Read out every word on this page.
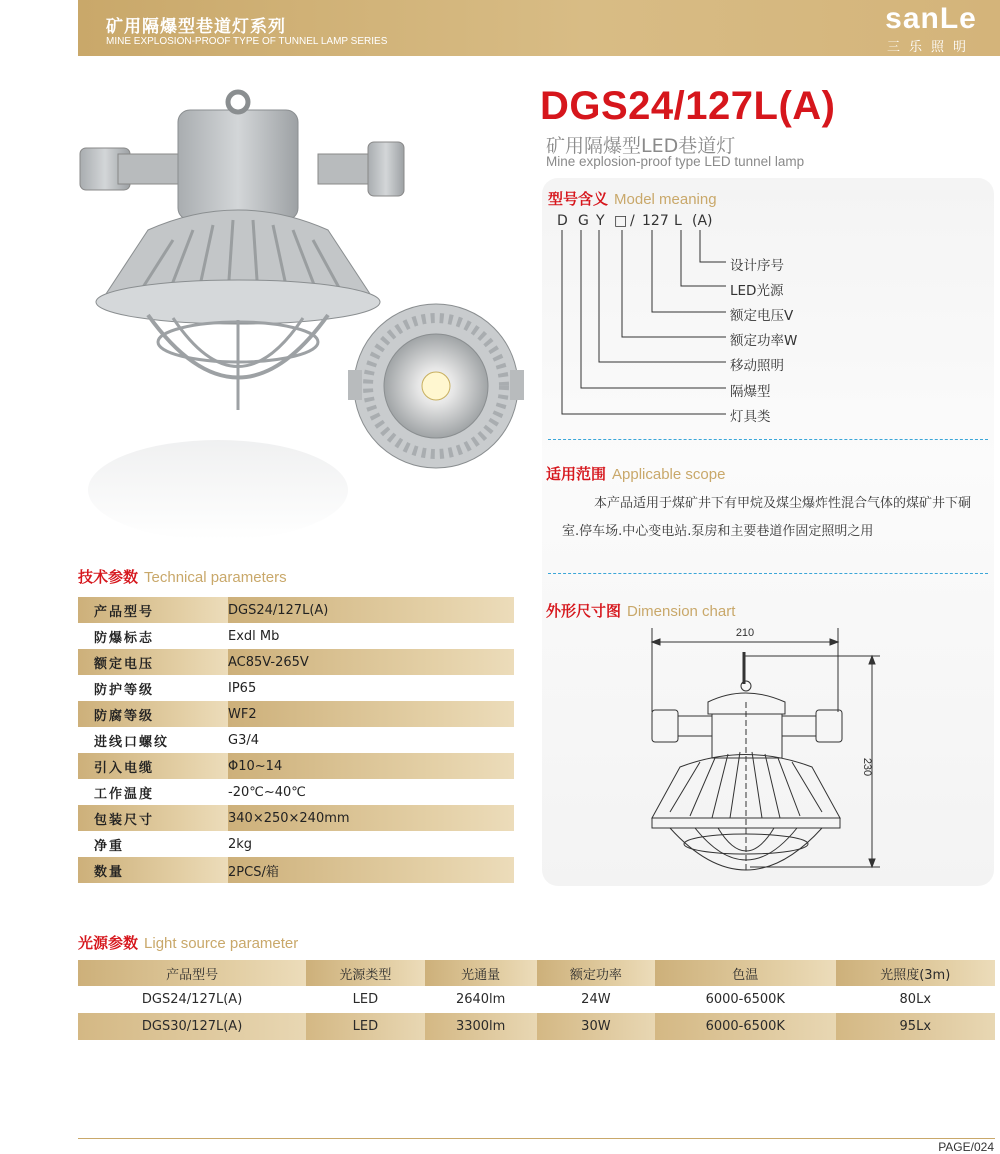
矿用隔爆型巷道灯系列
MINE EXPLOSION-PROOF TYPE OF TUNNEL LAMP SERIES
sanLe
三乐照明
DGS24/127L(A)
矿用隔爆型LED巷道灯
Mine explosion-proof type LED tunnel lamp
型号含义 Model meaning
D G Y □ / 127 L (A)
设计序号
LED光源
额定电压V
额定功率W
移动照明
隔爆型
灯具类
适用范围 Applicable scope
本产品适用于煤矿井下有甲烷及煤尘爆炸性混合气体的煤矿井下硐室.停车场.中心变电站.泵房和主要巷道作固定照明之用
外形尺寸图 Dimension chart
210
230
技术参数 Technical parameters
产品型号	DGS24/127L(A)
防爆标志	Exdl Mb
额定电压	AC85V-265V
防护等级	IP65
防腐等级	WF2
进线口螺纹	G3/4
引入电缆	Φ10~14
工作温度	-20℃~40℃
包装尺寸	340×250×240mm
净重	2kg
数量	2PCS/箱
光源参数 Light source parameter
产品型号	光源类型	光通量	额定功率	色温	光照度(3m)
DGS24/127L(A)	LED	2640lm	24W	6000-6500K	80Lx
DGS30/127L(A)	LED	3300lm	30W	6000-6500K	95Lx
PAGE/024
